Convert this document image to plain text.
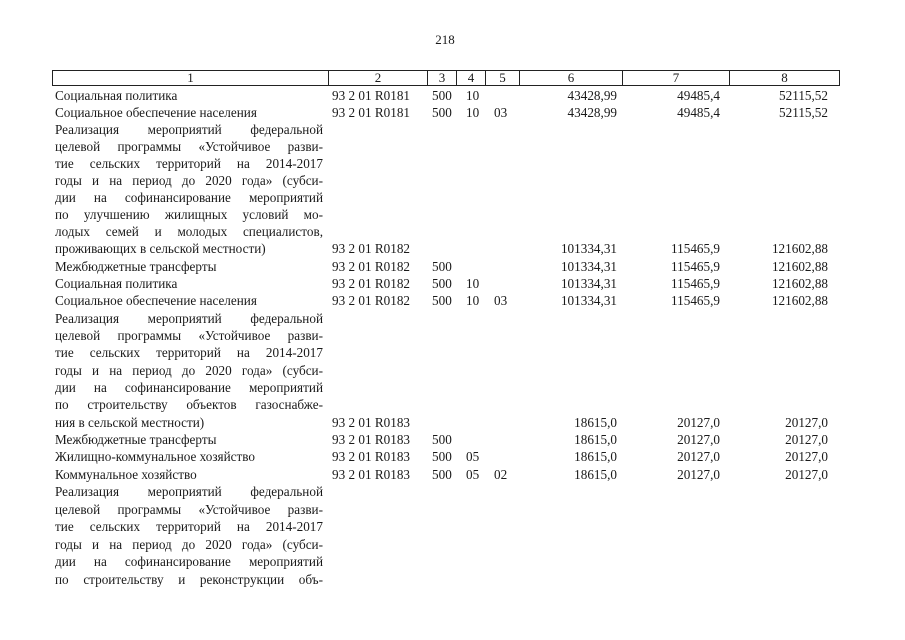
218
1	2	3	4	5	6	7	8
Социальная политика	93 2 01 R0181 500 10	43428,99	49485,4	52115,52
Социальное обеспечение населения	93 2 01 R0181 500 10 03	43428,99	49485,4	52115,52
Реализация мероприятий федеральной
целевой программы «Устойчивое разви-
тие сельских территорий на 2014-2017
годы и на период до 2020 года» (субси-
дии на софинансирование мероприятий
по улучшению жилищных условий мо-
лодых семей и молодых специалистов,
проживающих в сельской местности)	93 2 01 R0182	101334,31	115465,9	121602,88
Межбюджетные трансферты	93 2 01 R0182 500	101334,31	115465,9	121602,88
Социальная политика	93 2 01 R0182 500 10	101334,31	115465,9	121602,88
Социальное обеспечение населения	93 2 01 R0182 500 10 03	101334,31	115465,9	121602,88
Реализация мероприятий федеральной
целевой программы «Устойчивое разви-
тие сельских территорий на 2014-2017
годы и на период до 2020 года» (субси-
дии на софинансирование мероприятий
по строительству объектов газоснабже-
ния в сельской местности)	93 2 01 R0183	18615,0	20127,0	20127,0
Межбюджетные трансферты	93 2 01 R0183 500	18615,0	20127,0	20127,0
Жилищно-коммунальное хозяйство	93 2 01 R0183 500 05	18615,0	20127,0	20127,0
Коммунальное хозяйство	93 2 01 R0183 500 05 02	18615,0	20127,0	20127,0
Реализация мероприятий федеральной
целевой программы «Устойчивое разви-
тие сельских территорий на 2014-2017
годы и на период до 2020 года» (субси-
дии на софинансирование мероприятий
по строительству и реконструкции объ-
